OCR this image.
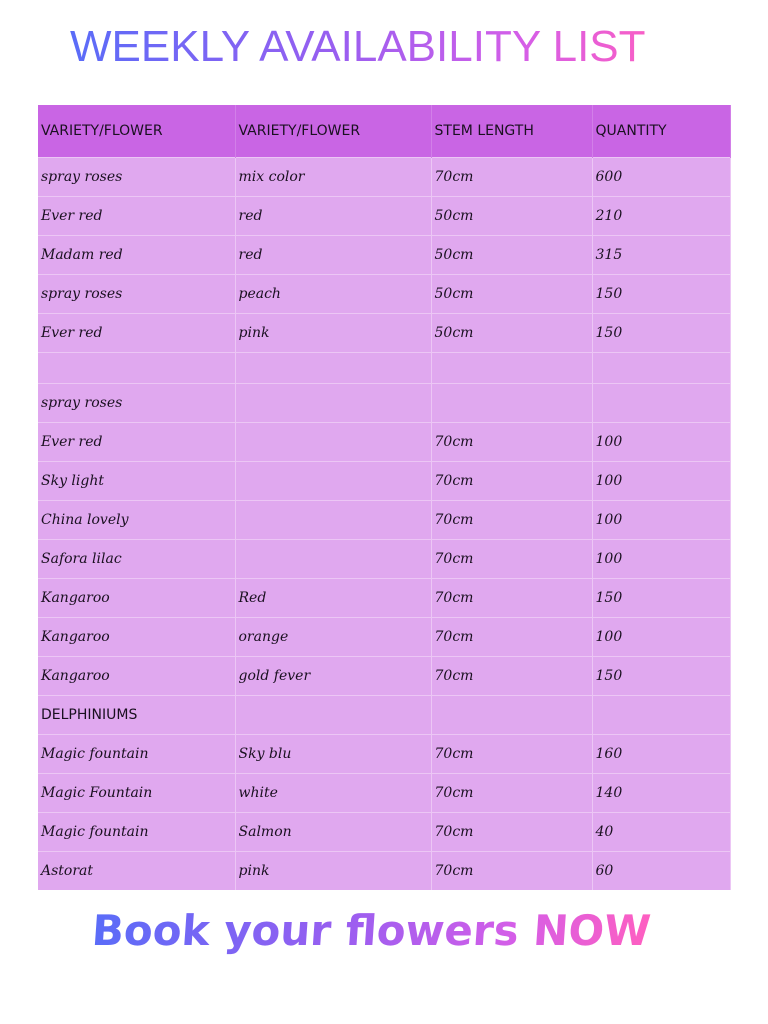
WEEKLY AVAILABILITY LIST
VARIETY/FLOWER	VARIETY/FLOWER	STEM LENGTH	QUANTITY
spray roses	mix color	70cm	600
Ever red	red	50cm	210
Madam red	red	50cm	315
spray roses	peach	50cm	150
Ever red	pink	50cm	150

spray roses			
Ever red		70cm	100
Sky light		70cm	100
China lovely		70cm	100
Safora lilac		70cm	100
Kangaroo	Red	70cm	150
Kangaroo	orange	70cm	100
Kangaroo	gold fever	70cm	150
DELPHINIUMS			
Magic fountain	Sky blu	70cm	160
Magic Fountain	white	70cm	140
Magic fountain	Salmon	70cm	40
Astorat	pink	70cm	60
Book your flowers NOW !!
